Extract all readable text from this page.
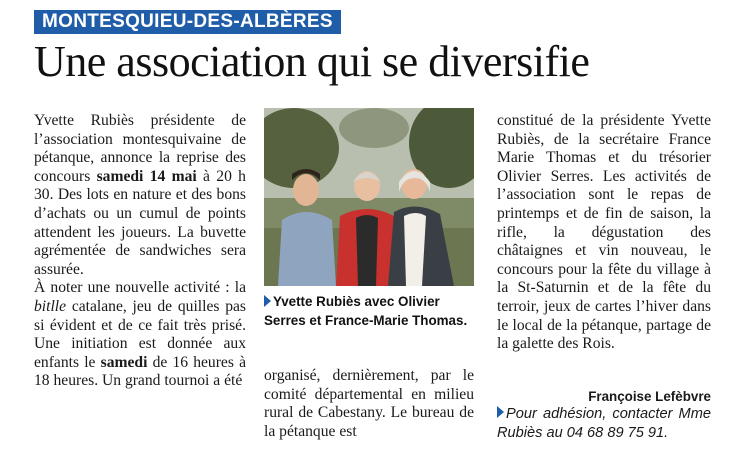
MONTESQUIEU-DES-ALBÈRES
Une association qui se diversifie

Yvette Rubiès présidente de l’association montesquivaine de pétanque, annonce la reprise des concours samedi 14 mai à 20 h 30. Des lots en nature et des bons d’achats ou un cumul de points attendent les joueurs. La buvette agrémentée de sandwiches sera assurée.

À noter une nouvelle activité : la bitlle catalane, jeu de quilles pas si évident et de ce fait très prisé. Une initiation est donnée aux enfants le samedi de 16 heures à 18 heures. Un grand tournoi a été

Yvette Rubiès avec Olivier Serres et France-Marie Thomas.

organisé, dernièrement, par le comité départemental en milieu rural de Cabestany. Le bureau de la pétanque est

constitué de la présidente Yvette Rubiès, de la secrétaire France Marie Thomas et du trésorier Olivier Serres. Les activités de l’association sont le repas de printemps et de fin de saison, la rifle, la dégustation des châtaignes et vin nouveau, le concours pour la fête du village à la St-Saturnin et de la fête du terroir, jeux de cartes l’hiver dans le local de la pétanque, partage de la galette des Rois.

Françoise Lefèbvre
Pour adhésion, contacter Mme Rubiès au 04 68 89 75 91.
